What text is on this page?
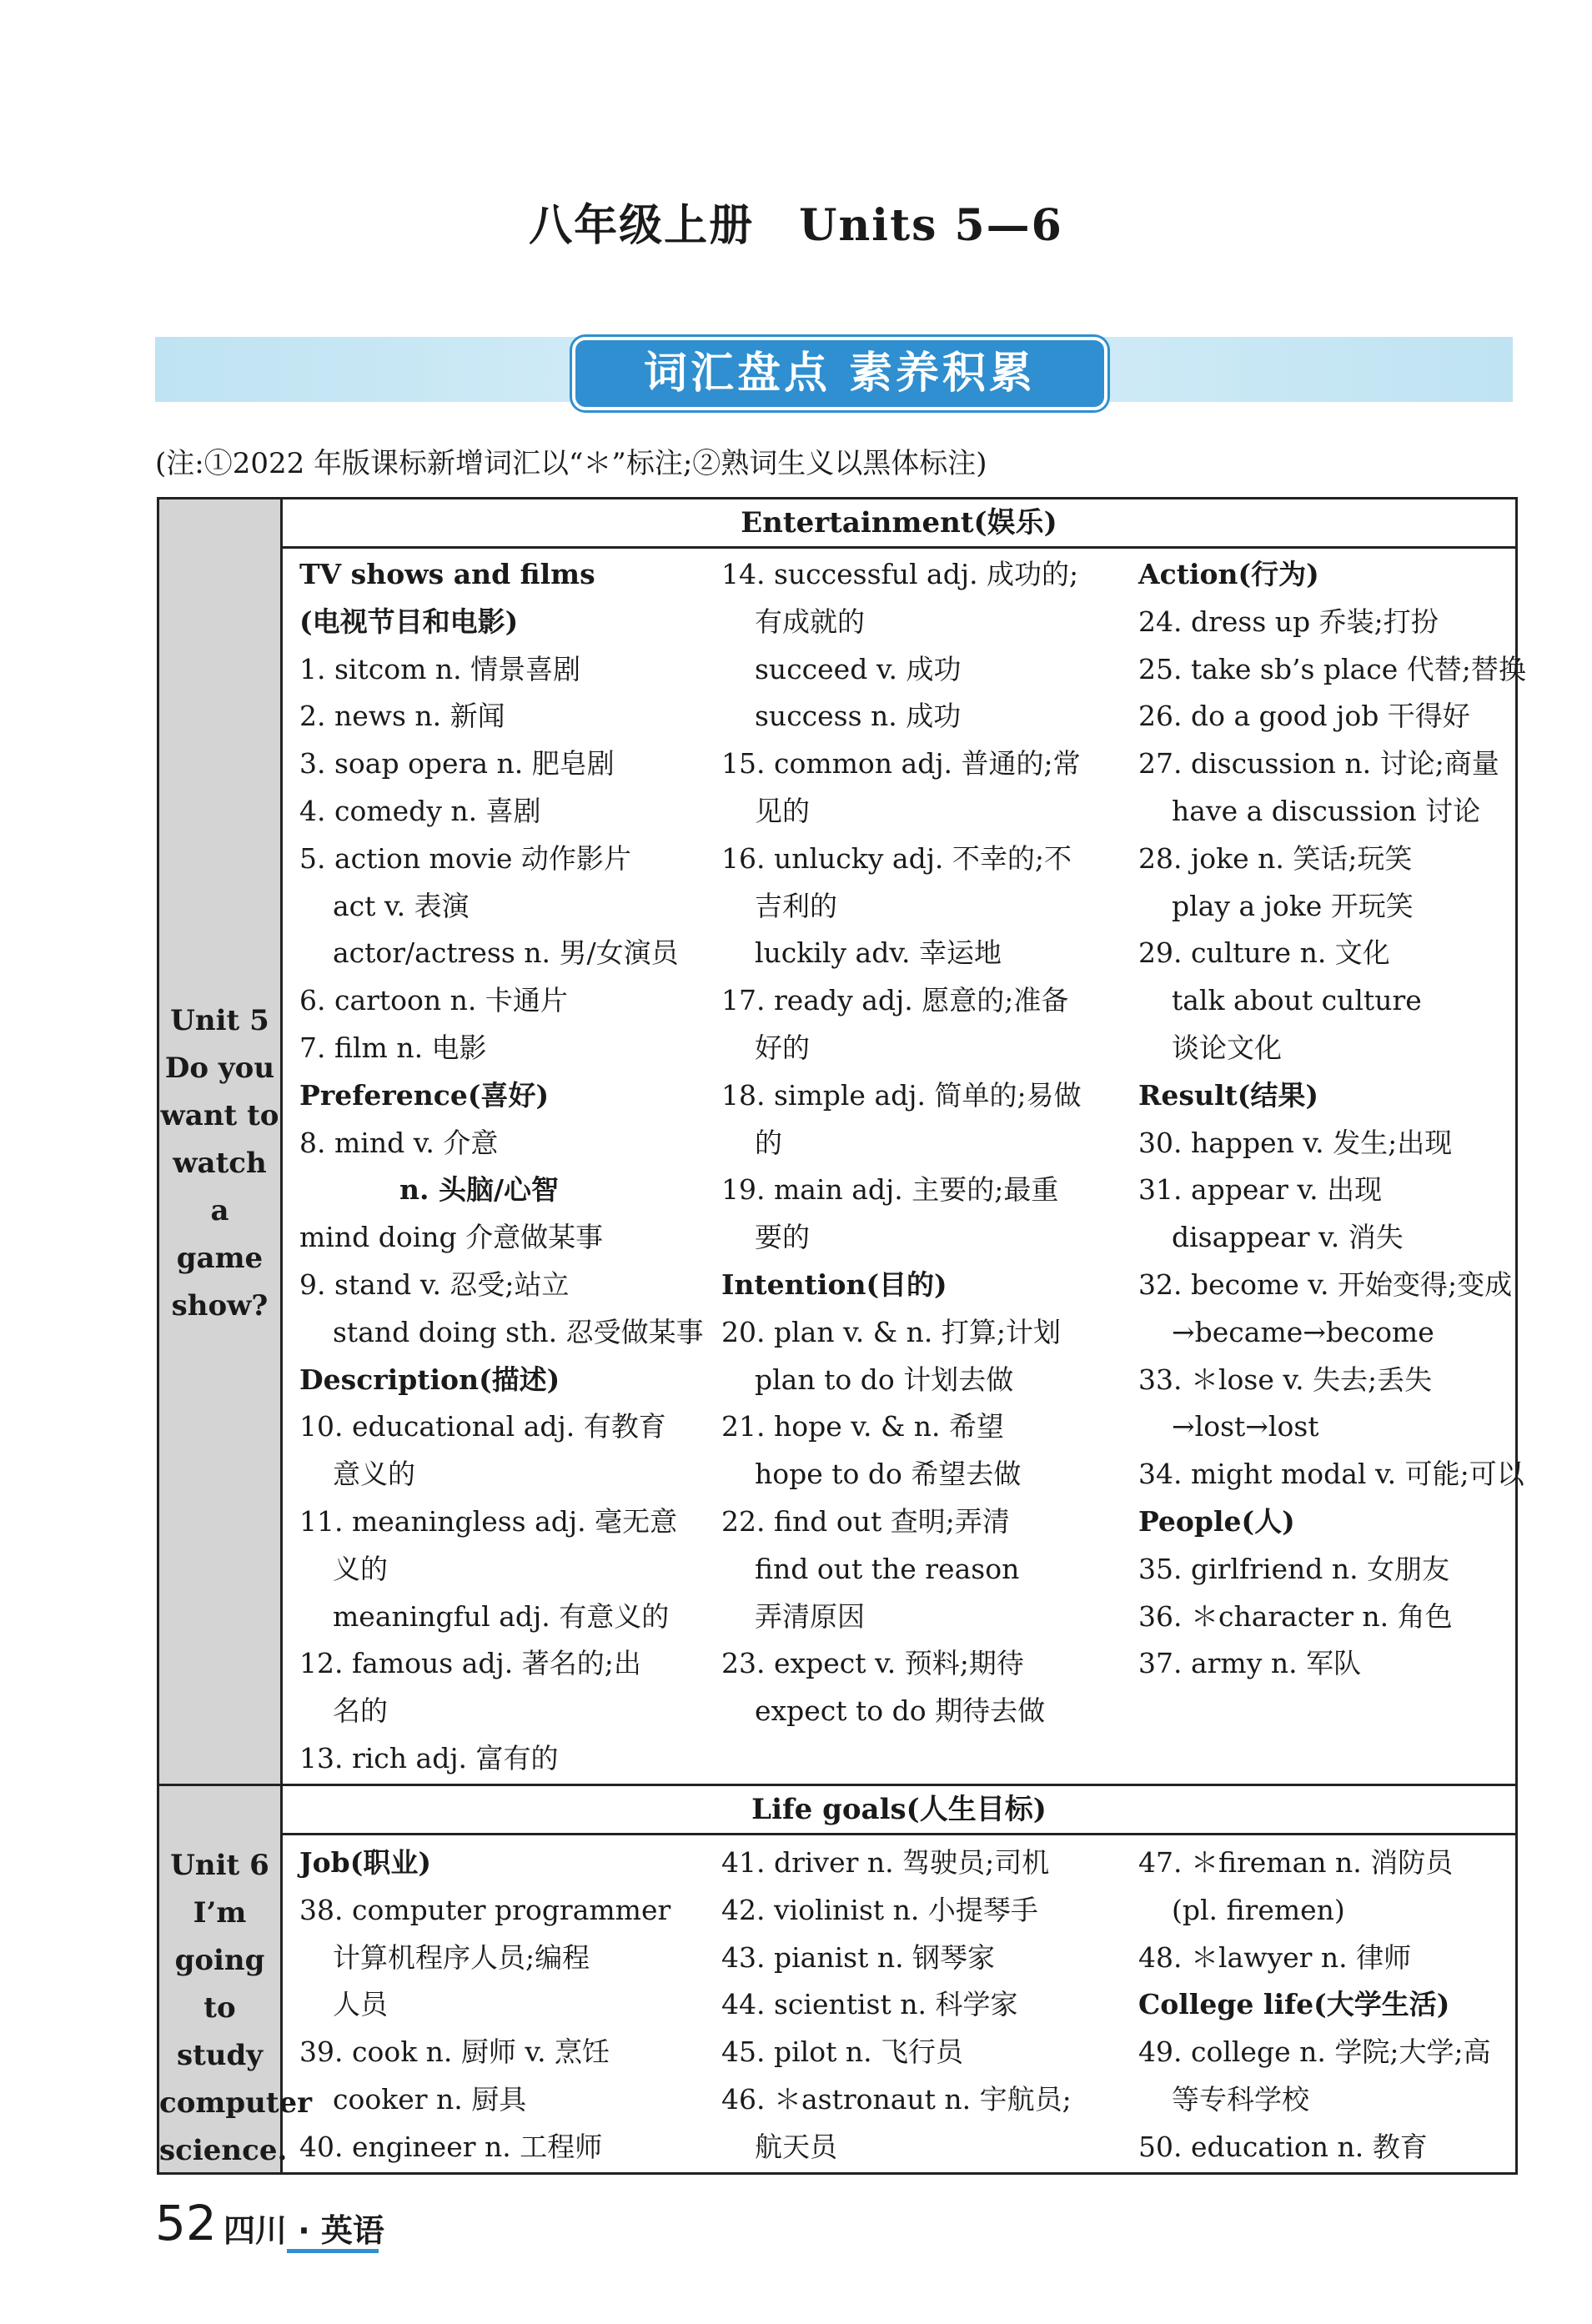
八年级上册　Units 5—6
词汇盘点 素养积累
(注:①2022 年版课标新增词汇以“＊”标注;②熟词生义以黑体标注)
Entertainment(娱乐)
Unit 5
Do you
want to
watch a
game
show?
TV shows and films
(电视节目和电影)
1. sitcom n. 情景喜剧
2. news n. 新闻
3. soap opera n. 肥皂剧
4. comedy n. 喜剧
5. action movie 动作影片
act v. 表演
actor/actress n. 男/女演员
6. cartoon n. 卡通片
7. film n. 电影
Preference(喜好)
8. mind v. 介意
n. 头脑/心智
mind doing 介意做某事
9. stand v. 忍受;站立
stand doing sth. 忍受做某事
Description(描述)
10. educational adj. 有教育
意义的
11. meaningless adj. 毫无意
义的
meaningful adj. 有意义的
12. famous adj. 著名的;出
名的
13. rich adj. 富有的
14. successful adj. 成功的;
有成就的
succeed v. 成功
success n. 成功
15. common adj. 普通的;常
见的
16. unlucky adj. 不幸的;不
吉利的
luckily adv. 幸运地
17. ready adj. 愿意的;准备
好的
18. simple adj. 简单的;易做
的
19. main adj. 主要的;最重
要的
Intention(目的)
20. plan v. & n. 打算;计划
plan to do 计划去做
21. hope v. & n. 希望
hope to do 希望去做
22. find out 查明;弄清
find out the reason
弄清原因
23. expect v. 预料;期待
expect to do 期待去做
Action(行为)
24. dress up 乔装;打扮
25. take sb’s place 代替;替换
26. do a good job 干得好
27. discussion n. 讨论;商量
have a discussion 讨论
28. joke n. 笑话;玩笑
play a joke 开玩笑
29. culture n. 文化
talk about culture
谈论文化
Result(结果)
30. happen v. 发生;出现
31. appear v. 出现
disappear v. 消失
32. become v. 开始变得;变成
→became→become
33. ＊lose v. 失去;丢失
→lost→lost
34. might modal v. 可能;可以
People(人)
35. girlfriend n. 女朋友
36. ＊character n. 角色
37. army n. 军队
Life goals(人生目标)
Unit 6
I’m
going to
study
computer
science.
Job(职业)
38. computer programmer
计算机程序人员;编程
人员
39. cook n. 厨师 v. 烹饪
cooker n. 厨具
40. engineer n. 工程师
41. driver n. 驾驶员;司机
42. violinist n. 小提琴手
43. pianist n. 钢琴家
44. scientist n. 科学家
45. pilot n. 飞行员
46. ＊astronaut n. 宇航员;
航天员
47. ＊fireman n. 消防员
(pl. firemen)
48. ＊lawyer n. 律师
College life(大学生活)
49. college n. 学院;大学;高
等专科学校
50. education n. 教育
52 四川 · 英语
